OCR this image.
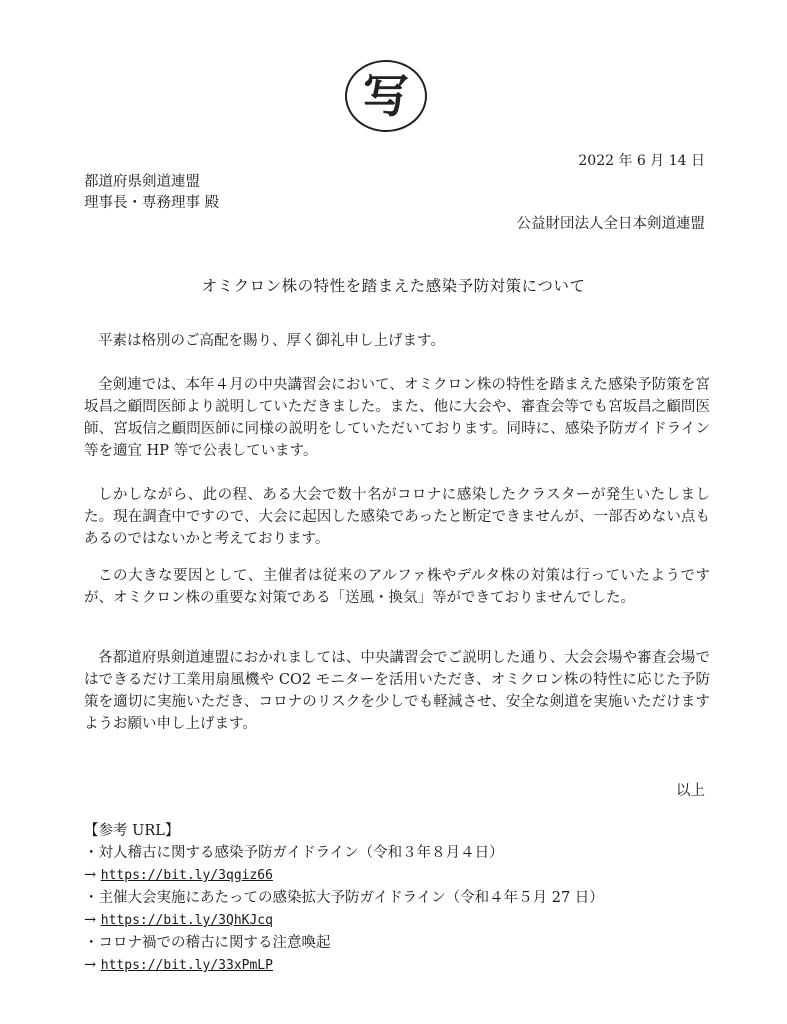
写
2022 年 6 月 14 日
都道府県剣道連盟
理事長・専務理事 殿
公益財団法人全日本剣道連盟
オミクロン株の特性を踏まえた感染予防対策について

平素は格別のご高配を賜り、厚く御礼申し上げます。

全剣連では、本年４月の中央講習会において、オミクロン株の特性を踏まえた感染予防策を宮坂昌之顧問医師より説明していただきました。また、他に大会や、審査会等でも宮坂昌之顧問医師、宮坂信之顧問医師に同様の説明をしていただいております。同時に、感染予防ガイドライン等を適宜 HP 等で公表しています。

しかしながら、此の程、ある大会で数十名がコロナに感染したクラスターが発生いたしました。現在調査中ですので、大会に起因した感染であったと断定できませんが、一部否めない点もあるのではないかと考えております。

この大きな要因として、主催者は従来のアルファ株やデルタ株の対策は行っていたようですが、オミクロン株の重要な対策である「送風・換気」等ができておりませんでした。

各都道府県剣道連盟におかれましては、中央講習会でご説明した通り、大会会場や審査会場ではできるだけ工業用扇風機や CO2 モニターを活用いただき、オミクロン株の特性に応じた予防策を適切に実施いただき、コロナのリスクを少しでも軽減させ、安全な剣道を実施いただけますようお願い申し上げます。

以上
【参考 URL】
・対人稽古に関する感染予防ガイドライン（令和３年８月４日）
→ https://bit.ly/3qgiz66
・主催大会実施にあたっての感染拡大予防ガイドライン（令和４年５月 27 日）
→ https://bit.ly/3QhKJcq
・コロナ禍での稽古に関する注意喚起
→ https://bit.ly/33xPmLP
